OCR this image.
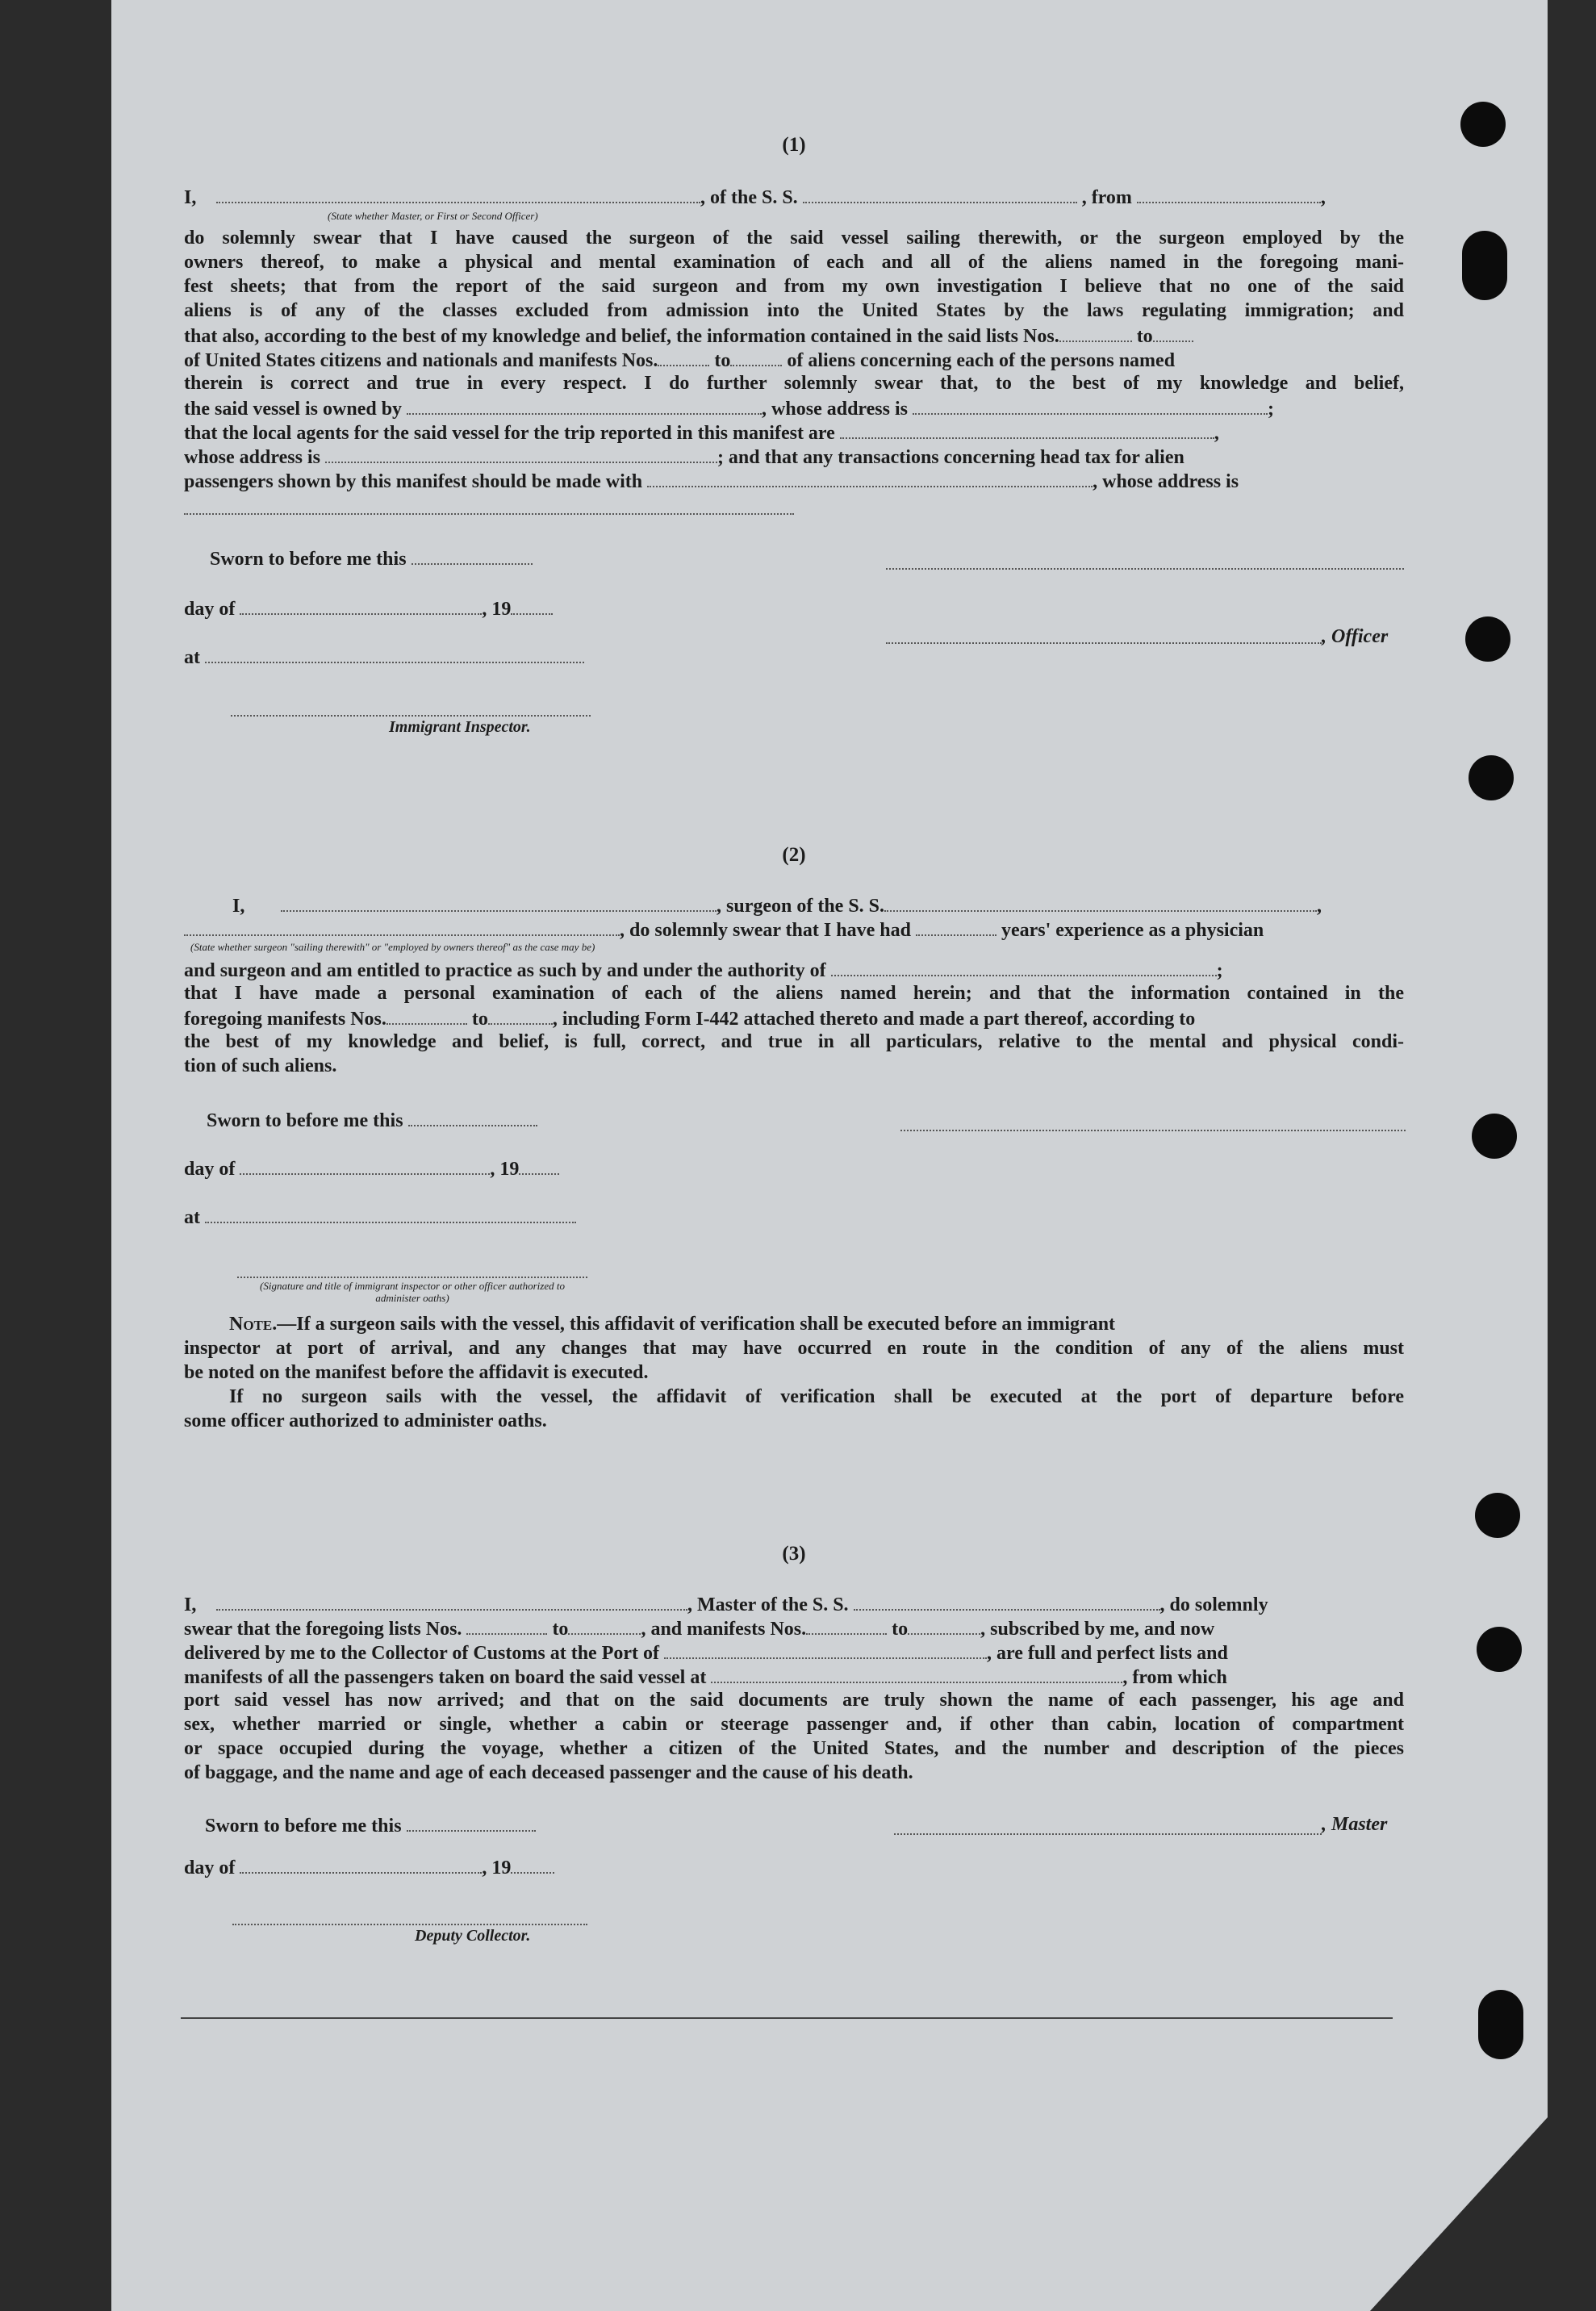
(1)
I,	, of the S. S.	, from	,
(State whether Master, or First or Second Officer)
do solemnly swear that I have caused the surgeon of the said vessel sailing therewith, or the surgeon employed by the
owners thereof, to make a physical and mental examination of each and all of the aliens named in the foregoing mani-
fest sheets; that from the report of the said surgeon and from my own investigation I believe that no one of the said
aliens is of any of the classes excluded from admission into the United States by the laws regulating immigration; and
that also, according to the best of my knowledge and belief, the information contained in the said lists Nos.	to
of United States citizens and nationals and manifests Nos.	to	of aliens concerning each of the persons named
therein is correct and true in every respect. I do further solemnly swear that, to the best of my knowledge and belief,
the said vessel is owned by	, whose address is	;
that the local agents for the said vessel for the trip reported in this manifest are	,
whose address is	; and that any transactions concerning head tax for alien
passengers shown by this manifest should be made with	, whose address is
Sworn to before me this
day of	, 19
, Officer
at
Immigrant Inspector.
(2)
I,	, surgeon of the S. S.	,
, do solemnly swear that I have had	years' experience as a physician
(State whether surgeon "sailing therewith" or "employed by owners thereof" as the case may be)
and surgeon and am entitled to practice as such by and under the authority of	;
that I have made a personal examination of each of the aliens named herein; and that the information contained in the
foregoing manifests Nos.	to	, including Form I-442 attached thereto and made a part thereof, according to
the best of my knowledge and belief, is full, correct, and true in all particulars, relative to the mental and physical condi-
tion of such aliens.
Sworn to before me this
day of	, 19
at
(Signature and title of immigrant inspector or other officer authorized to administer oaths)
Note.—If a surgeon sails with the vessel, this affidavit of verification shall be executed before an immigrant
inspector at port of arrival, and any changes that may have occurred en route in the condition of any of the aliens must
be noted on the manifest before the affidavit is executed.
If no surgeon sails with the vessel, the affidavit of verification shall be executed at the port of departure before
some officer authorized to administer oaths.
(3)
I,	, Master of the S. S.	, do solemnly
swear that the foregoing lists Nos.	to	, and manifests Nos.	to	, subscribed by me, and now
delivered by me to the Collector of Customs at the Port of	, are full and perfect lists and
manifests of all the passengers taken on board the said vessel at	, from which
port said vessel has now arrived; and that on the said documents are truly shown the name of each passenger, his age and
sex, whether married or single, whether a cabin or steerage passenger and, if other than cabin, location of compartment
or space occupied during the voyage, whether a citizen of the United States, and the number and description of the pieces
of baggage, and the name and age of each deceased passenger and the cause of his death.
Sworn to before me this	, Master
day of	, 19
Deputy Collector.
